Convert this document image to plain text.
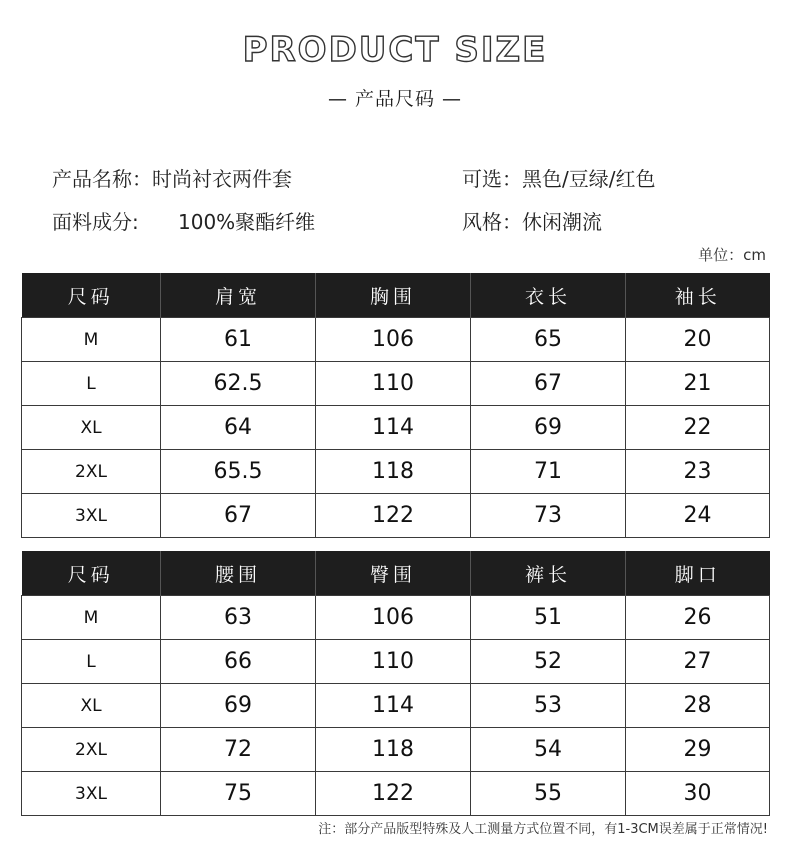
PRODUCT SIZE
— 产品尺码 —
产品名称：时尚衬衣两件套	可选：黑色/豆绿/红色
面料成分: 100%聚酯纤维	风格：休闲潮流
单位：cm
尺码	肩宽	胸围	衣长	袖长
M	61	106	65	20
L	62.5	110	67	21
XL	64	114	69	22
2XL	65.5	118	71	23
3XL	67	122	73	24
尺码	腰围	臀围	裤长	脚口
M	63	106	51	26
L	66	110	52	27
XL	69	114	53	28
2XL	72	118	54	29
3XL	75	122	55	30
注：部分产品版型特殊及人工测量方式位置不同，有1-3CM误差属于正常情况!
